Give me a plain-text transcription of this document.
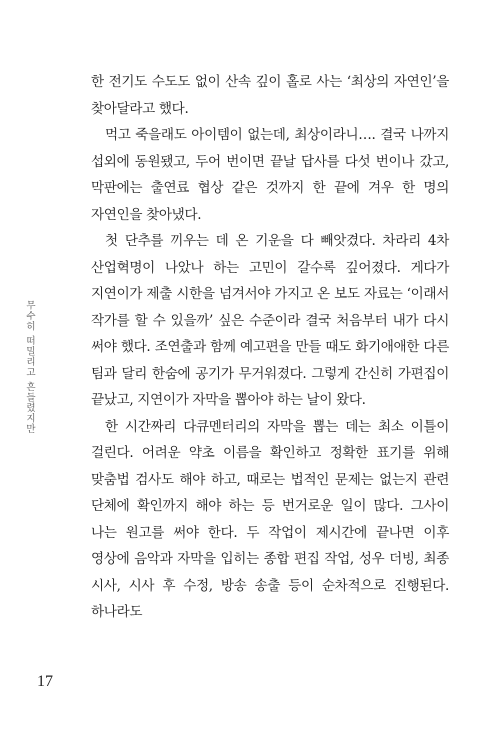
무수히 떠밀리고 흔들렸지만

한 전기도 수도도 없이 산속 깊이 홀로 사는 ‘최상의 자연인’을 찾아달라고 했다.

먹고 죽을래도 아이템이 없는데, 최상이라니…. 결국 나까지 섭외에 동원됐고, 두어 번이면 끝날 답사를 다섯 번이나 갔고, 막판에는 출연료 협상 같은 것까지 한 끝에 겨우 한 명의 자연인을 찾아냈다.

첫 단추를 끼우는 데 온 기운을 다 빼앗겼다. 차라리 4차 산업혁명이 나았나 하는 고민이 갈수록 깊어졌다. 게다가 지연이가 제출 시한을 넘겨서야 가지고 온 보도 자료는 ‘이래서 작가를 할 수 있을까’ 싶은 수준이라 결국 처음부터 내가 다시 써야 했다. 조연출과 함께 예고편을 만들 때도 화기애애한 다른 팀과 달리 한숨에 공기가 무거워졌다. 그렇게 간신히 가편집이 끝났고, 지연이가 자막을 뽑아야 하는 날이 왔다.

한 시간짜리 다큐멘터리의 자막을 뽑는 데는 최소 이틀이 걸린다. 어려운 약초 이름을 확인하고 정확한 표기를 위해 맞춤법 검사도 해야 하고, 때로는 법적인 문제는 없는지 관련 단체에 확인까지 해야 하는 등 번거로운 일이 많다. 그사이 나는 원고를 써야 한다. 두 작업이 제시간에 끝나면 이후 영상에 음악과 자막을 입히는 종합 편집 작업, 성우 더빙, 최종 시사, 시사 후 수정, 방송 송출 등이 순차적으로 진행된다. 하나라도

17
